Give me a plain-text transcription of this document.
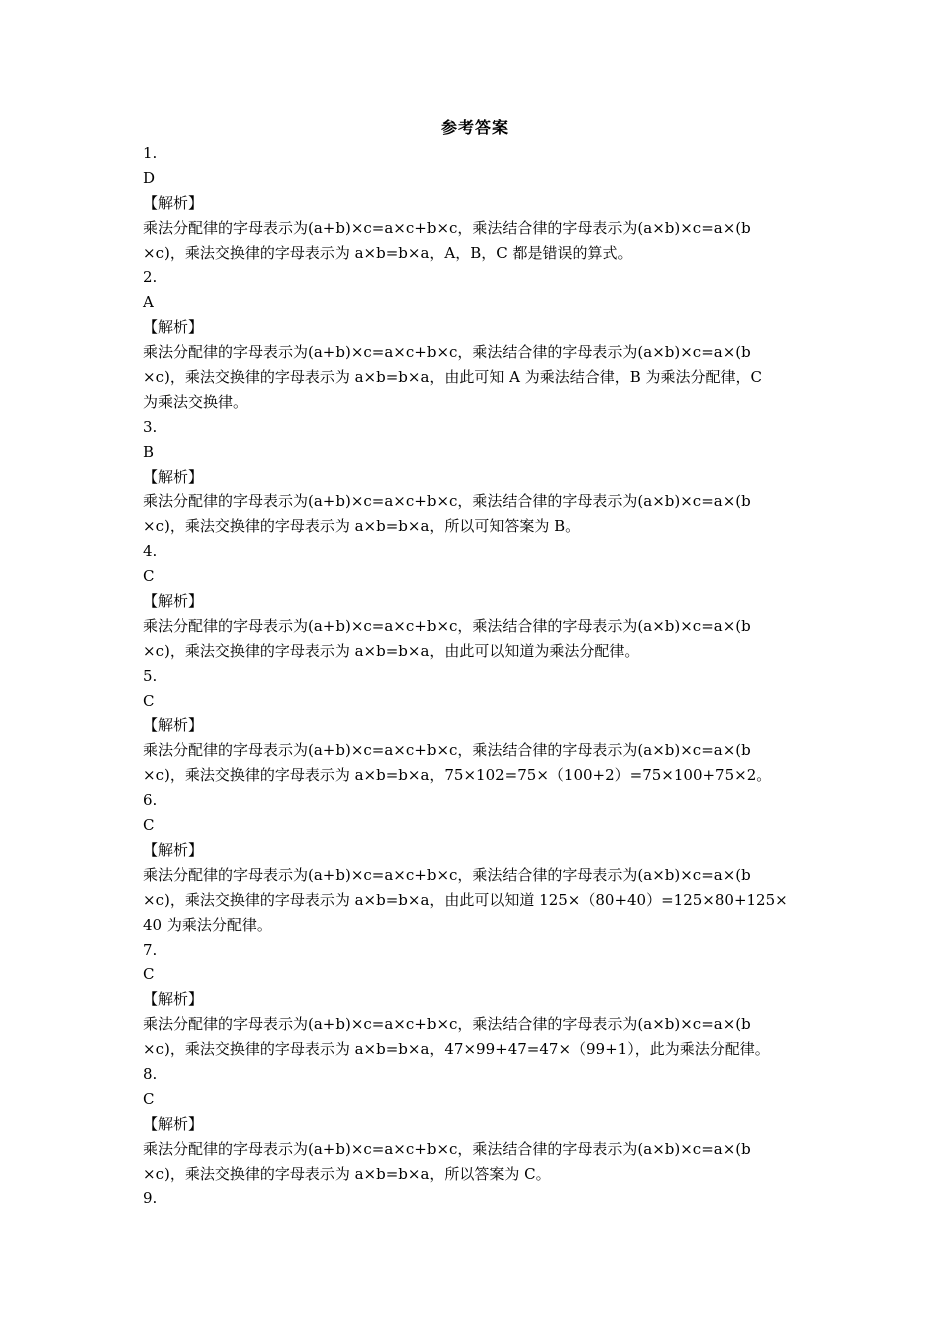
参考答案
1.
D
【解析】
乘法分配律的字母表示为(a+b)×c=a×c+b×c，乘法结合律的字母表示为(a×b)×c=a×(b
×c)，乘法交换律的字母表示为 a×b=b×a，A，B，C 都是错误的算式。
2.
A
【解析】
乘法分配律的字母表示为(a+b)×c=a×c+b×c，乘法结合律的字母表示为(a×b)×c=a×(b
×c)，乘法交换律的字母表示为 a×b=b×a，由此可知 A 为乘法结合律，B 为乘法分配律，C
为乘法交换律。
3.
B
【解析】
乘法分配律的字母表示为(a+b)×c=a×c+b×c，乘法结合律的字母表示为(a×b)×c=a×(b
×c)，乘法交换律的字母表示为 a×b=b×a，所以可知答案为 B。
4.
C
【解析】
乘法分配律的字母表示为(a+b)×c=a×c+b×c，乘法结合律的字母表示为(a×b)×c=a×(b
×c)，乘法交换律的字母表示为 a×b=b×a，由此可以知道为乘法分配律。
5.
C
【解析】
乘法分配律的字母表示为(a+b)×c=a×c+b×c，乘法结合律的字母表示为(a×b)×c=a×(b
×c)，乘法交换律的字母表示为 a×b=b×a，75×102=75×（100+2）=75×100+75×2。
6.
C
【解析】
乘法分配律的字母表示为(a+b)×c=a×c+b×c，乘法结合律的字母表示为(a×b)×c=a×(b
×c)，乘法交换律的字母表示为 a×b=b×a，由此可以知道 125×（80+40）=125×80+125×
40 为乘法分配律。
7.
C
【解析】
乘法分配律的字母表示为(a+b)×c=a×c+b×c，乘法结合律的字母表示为(a×b)×c=a×(b
×c)，乘法交换律的字母表示为 a×b=b×a，47×99+47=47×（99+1），此为乘法分配律。
8.
C
【解析】
乘法分配律的字母表示为(a+b)×c=a×c+b×c，乘法结合律的字母表示为(a×b)×c=a×(b
×c)，乘法交换律的字母表示为 a×b=b×a，所以答案为 C。
9.
